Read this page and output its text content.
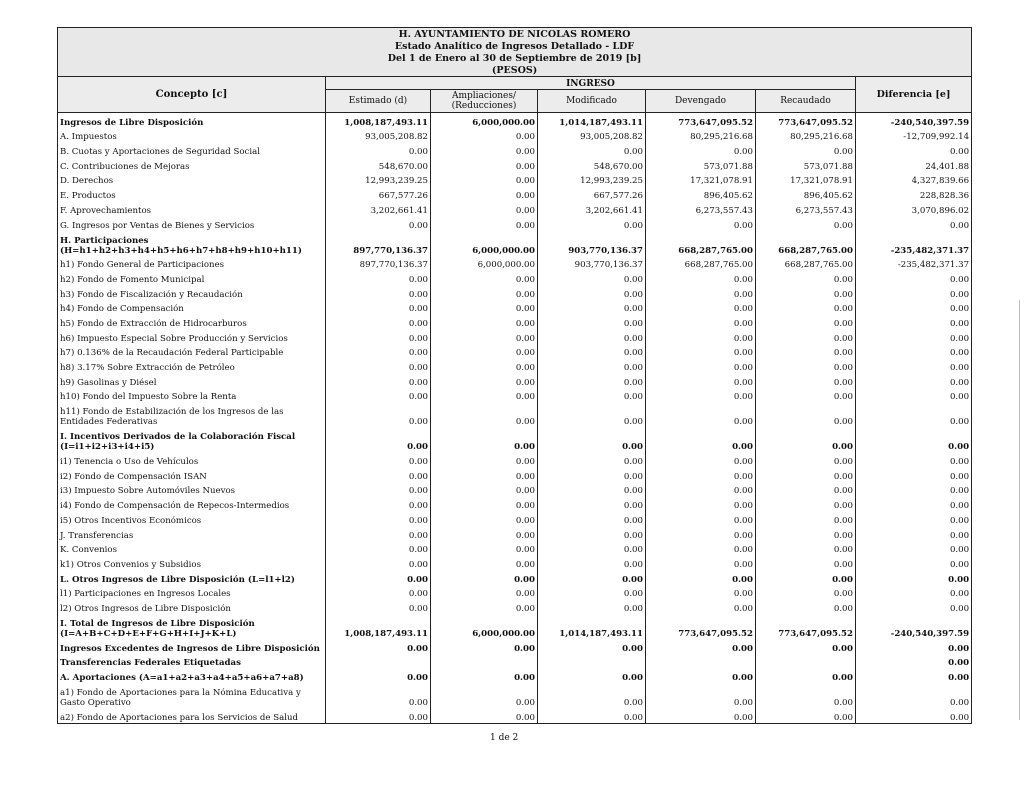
H. AYUNTAMIENTO DE NICOLAS ROMERO						
Estado Analítico de Ingresos Detallado - LDF						
Del 1 de Enero al 30 de Septiembre de 2019 [b]						
(PESOS)						
Concepto [c]	INGRESO					Diferencia [e]
	Estimado (d)	Ampliaciones/ (Reducciones)	Modificado	Devengado	Recaudado	
Ingresos de Libre Disposición	1,008,187,493.11	6,000,000.00	1,014,187,493.11	773,647,095.52	773,647,095.52	-240,540,397.59
A. Impuestos	93,005,208.82	0.00	93,005,208.82	80,295,216.68	80,295,216.68	-12,709,992.14
B. Cuotas y Aportaciones de Seguridad Social	0.00	0.00	0.00	0.00	0.00	0.00
C. Contribuciones de Mejoras	548,670.00	0.00	548,670.00	573,071.88	573,071.88	24,401.88
D. Derechos	12,993,239.25	0.00	12,993,239.25	17,321,078.91	17,321,078.91	4,327,839.66
E. Productos	667,577.26	0.00	667,577.26	896,405.62	896,405.62	228,828.36
F. Aprovechamientos	3,202,661.41	0.00	3,202,661.41	6,273,557.43	6,273,557.43	3,070,896.02
G. Ingresos por Ventas de Bienes y Servicios	0.00	0.00	0.00	0.00	0.00	0.00
H. Participaciones (H=h1+h2+h3+h4+h5+h6+h7+h8+h9+h10+h11)	897,770,136.37	6,000,000.00	903,770,136.37	668,287,765.00	668,287,765.00	-235,482,371.37
h1) Fondo General de Participaciones	897,770,136.37	6,000,000.00	903,770,136.37	668,287,765.00	668,287,765.00	-235,482,371.37
h2) Fondo de Fomento Municipal	0.00	0.00	0.00	0.00	0.00	0.00
h3) Fondo de Fiscalización y Recaudación	0.00	0.00	0.00	0.00	0.00	0.00
h4) Fondo de Compensación	0.00	0.00	0.00	0.00	0.00	0.00
h5) Fondo de Extracción de Hidrocarburos	0.00	0.00	0.00	0.00	0.00	0.00
h6) Impuesto Especial Sobre Producción y Servicios	0.00	0.00	0.00	0.00	0.00	0.00
h7) 0.136% de la Recaudación Federal Participable	0.00	0.00	0.00	0.00	0.00	0.00
h8) 3.17% Sobre Extracción de Petróleo	0.00	0.00	0.00	0.00	0.00	0.00
h9) Gasolinas y Diésel	0.00	0.00	0.00	0.00	0.00	0.00
h10) Fondo del Impuesto Sobre la Renta	0.00	0.00	0.00	0.00	0.00	0.00
h11) Fondo de Estabilización de los Ingresos de las Entidades Federativas	0.00	0.00	0.00	0.00	0.00	0.00
I. Incentivos Derivados de la Colaboración Fiscal (I=i1+i2+i3+i4+i5)	0.00	0.00	0.00	0.00	0.00	0.00
i1) Tenencia o Uso de Vehículos	0.00	0.00	0.00	0.00	0.00	0.00
i2) Fondo de Compensación ISAN	0.00	0.00	0.00	0.00	0.00	0.00
i3) Impuesto Sobre Automóviles Nuevos	0.00	0.00	0.00	0.00	0.00	0.00
i4) Fondo de Compensación de Repecos-Intermedios	0.00	0.00	0.00	0.00	0.00	0.00
i5) Otros Incentivos Económicos	0.00	0.00	0.00	0.00	0.00	0.00
J. Transferencias	0.00	0.00	0.00	0.00	0.00	0.00
K. Convenios	0.00	0.00	0.00	0.00	0.00	0.00
k1) Otros Convenios y Subsidios	0.00	0.00	0.00	0.00	0.00	0.00
L. Otros Ingresos de Libre Disposición (L=l1+l2)	0.00	0.00	0.00	0.00	0.00	0.00
l1) Participaciones en Ingresos Locales	0.00	0.00	0.00	0.00	0.00	0.00
l2) Otros Ingresos de Libre Disposición	0.00	0.00	0.00	0.00	0.00	0.00
I. Total de Ingresos de Libre Disposición (I=A+B+C+D+E+F+G+H+I+J+K+L)	1,008,187,493.11	6,000,000.00	1,014,187,493.11	773,647,095.52	773,647,095.52	-240,540,397.59
Ingresos Excedentes de Ingresos de Libre Disposición	0.00	0.00	0.00	0.00	0.00	0.00
Transferencias Federales Etiquetadas						0.00
A. Aportaciones (A=a1+a2+a3+a4+a5+a6+a7+a8)	0.00	0.00	0.00	0.00	0.00	0.00
a1) Fondo de Aportaciones para la Nómina Educativa y Gasto Operativo	0.00	0.00	0.00	0.00	0.00	0.00
a2) Fondo de Aportaciones para los Servicios de Salud	0.00	0.00	0.00	0.00	0.00	0.00
1 de 2
